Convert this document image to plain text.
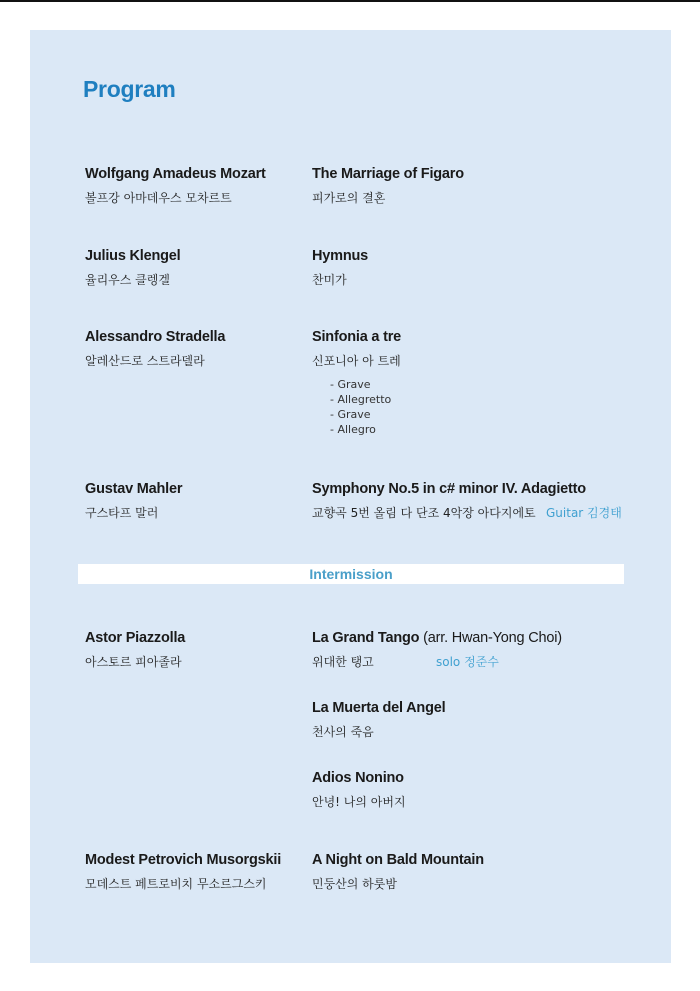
Program
Wolfgang Amadeus Mozart
볼프강 아마데우스 모차르트
The Marriage of Figaro
피가로의 결혼
Julius Klengel
율리우스 클렝겔
Hymnus
찬미가
Alessandro Stradella
알레산드로 스트라델라
Sinfonia a tre
신포니아 아 트레
- Grave
- Allegretto
- Grave
- Allegro
Gustav Mahler
구스타프 말러
Symphony No.5 in c# minor IV. Adagietto
교향곡 5번 올림 다 단조 4악장 아다지에토 Guitar 김경태
Intermission
Astor Piazzolla
아스토르 피아졸라
La Grand Tango (arr. Hwan-Yong Choi)
위대한 탱고	solo 정준수
La Muerta del Angel
천사의 죽음
Adios Nonino
안녕! 나의 아버지
Modest Petrovich Musorgskii
모데스트 페트로비치 무소르그스키
A Night on Bald Mountain
민둥산의 하룻밤
